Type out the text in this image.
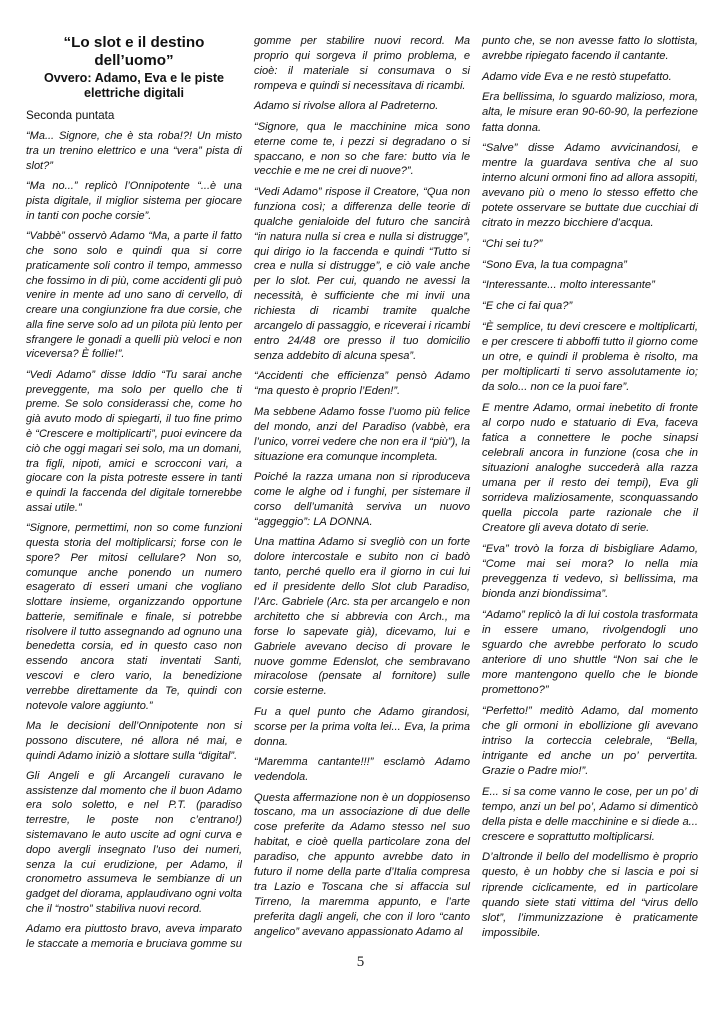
“Lo slot e il destino dell’uomo”
Ovvero: Adamo, Eva e le piste elettriche digitali
Seconda puntata

“Ma... Signore, che è sta roba!?! Un misto tra un trenino elettrico e una “vera” pista di slot?”

“Ma no...” replicò l’Onnipotente “...è una pista digitale, il miglior sistema per giocare in tanti con poche corsie”.

“Vabbè” osservò Adamo “Ma, a parte il fatto che sono solo e quindi qua si corre praticamente soli contro il tempo, ammesso che fossimo in di più, come accidenti gli può venire in mente ad uno sano di cervello, di creare una congiunzione fra due corsie, che alla fine serve solo ad un pilota più lento per sfrangere le gonadi a quelli più veloci e non viceversa? È follie!”.

“Vedi Adamo” disse Iddio “Tu sarai anche preveggente, ma solo per quello che ti preme. Se solo considerassi che, come ho già avuto modo di spiegarti, il tuo fine primo è “Crescere e moltiplicarti”, puoi evincere da ciò che oggi magari sei solo, ma un domani, tra figli, nipoti, amici e scrocconi vari, a giocare con la pista potreste essere in tanti e quindi la faccenda del digitale tornerebbe assai utile.”

“Signore, permettimi, non so come funzioni questa storia del moltiplicarsi; forse con le spore? Per mitosi cellulare? Non so, comunque anche ponendo un numero esagerato di esseri umani che vogliano slottare insieme, organizzando opportune batterie, semifinale e finale, si potrebbe risolvere il tutto assegnando ad ognuno una benedetta corsia, ed in questo caso non essendo ancora stati inventati Santi, vescovi e clero vario, la benedizione verrebbe direttamente da Te, quindi con notevole valore aggiunto.”

Ma le decisioni dell’Onnipotente non si possono discutere, né allora né mai, e quindi Adamo iniziò a slottare sulla “digital”.

Gli Angeli e gli Arcangeli curavano le assistenze dal momento che il buon Adamo era solo soletto, e nel P.T. (paradiso terrestre, le poste non c’entrano!) sistemavano le auto uscite ad ogni curva e dopo avergli insegnato l’uso dei numeri, senza la cui erudizione, per Adamo, il cronometro assumeva le sembianze di un gadget del diorama, applaudivano ogni volta che il “nostro” stabiliva nuovi record.

Adamo era piuttosto bravo, aveva imparato le staccate a memoria e bruciava gomme su

gomme per stabilire nuovi record. Ma proprio qui sorgeva il primo problema, e cioè: il materiale si consumava o si rompeva e quindi si necessitava di ricambi.

Adamo si rivolse allora al Padreterno.

“Signore, qua le macchinine mica sono eterne come te, i pezzi si degradano o si spaccano, e non so che fare: butto via le vecchie e me ne crei di nuove?”.

“Vedi Adamo” rispose il Creatore, “Qua non funziona così; a differenza delle teorie di qualche genialoide del futuro che sancirà “in natura nulla si crea e nulla si distrugge”, qui dirigo io la faccenda e quindi “Tutto si crea e nulla si distrugge”, e ciò vale anche per lo slot. Per cui, quando ne avessi la necessità, è sufficiente che mi invii una richiesta di ricambi tramite qualche arcangelo di passaggio, e riceverai i ricambi entro 24/48 ore presso il tuo domicilio senza addebito di alcuna spesa”.

“Accidenti che efficienza” pensò Adamo “ma questo è proprio l’Eden!”.

Ma sebbene Adamo fosse l’uomo più felice del mondo, anzi del Paradiso (vabbè, era l’unico, vorrei vedere che non era il “più”), la situazione era comunque incompleta.

Poiché la razza umana non si riproduceva come le alghe od i funghi, per sistemare il corso dell’umanità serviva un nuovo “aggeggio”: LA DONNA.

Una mattina Adamo si svegliò con un forte dolore intercostale e subito non ci badò tanto, perché quello era il giorno in cui lui ed il presidente dello Slot club Paradiso, l’Arc. Gabriele (Arc. sta per arcangelo e non architetto che si abbrevia con Arch., ma forse lo sapevate già), dicevamo, lui e Gabriele avevano deciso di provare le nuove gomme Edenslot, che sembravano miracolose (pensate al fornitore) sulle corsie esterne.

Fu a quel punto che Adamo girandosi, scorse per la prima volta lei... Eva, la prima donna.

“Maremma cantante!!!” esclamò Adamo vedendola.

Questa affermazione non è un doppiosenso toscano, ma un associazione di due delle cose preferite da Adamo stesso nel suo habitat, e cioè quella particolare zona del paradiso, che appunto avrebbe dato in futuro il nome della parte d’Italia compresa tra Lazio e Toscana che si affaccia sul Tirreno, la maremma appunto, e l’arte preferita dagli angeli, che con il loro “canto angelico” avevano appassionato Adamo al

punto che, se non avesse fatto lo slottista, avrebbe ripiegato facendo il cantante.

Adamo vide Eva e ne restò stupefatto.

Era bellissima, lo sguardo malizioso, mora, alta, le misure eran 90-60-90, la perfezione fatta donna.

“Salve” disse Adamo avvicinandosi, e mentre la guardava sentiva che al suo interno alcuni ormoni fino ad allora assopiti, avevano più o meno lo stesso effetto che potete osservare se buttate due cucchiai di citrato in mezzo bicchiere d’acqua.

“Chi sei tu?”

“Sono Eva, la tua compagna”

“Interessante... molto interessante”

“E che ci fai qua?”

“È semplice, tu devi crescere e moltiplicarti, e per crescere ti abboffi tutto il giorno come un otre, e quindi il problema è risolto, ma per moltiplicarti ti servo assolutamente io; da solo... non ce la puoi fare”.

E mentre Adamo, ormai inebetito di fronte al corpo nudo e statuario di Eva, faceva fatica a connettere le poche sinapsi celebrali ancora in funzione (cosa che in situazioni analoghe succederà alla razza umana per il resto dei tempi), Eva gli sorrideva maliziosamente, sconquassando quella piccola parte razionale che il Creatore gli aveva dotato di serie.

“Eva” trovò la forza di bisbigliare Adamo, “Come mai sei mora? Io nella mia preveggenza ti vedevo, sì bellissima, ma bionda anzi biondissima”.

“Adamo” replicò la di lui costola trasformata in essere umano, rivolgendogli uno sguardo che avrebbe perforato lo scudo anteriore di uno shuttle “Non sai che le more mantengono quello che le bionde promettono?”

“Perfetto!” meditò Adamo, dal momento che gli ormoni in ebollizione gli avevano intriso la corteccia celebrale, “Bella, intrigante ed anche un po’ pervertita. Grazie o Padre mio!”.

E... si sa come vanno le cose, per un po’ di tempo, anzi un bel po’, Adamo si dimenticò della pista e delle macchinine e si diede a... crescere e soprattutto moltiplicarsi.

D’altronde il bello del modellismo è proprio questo, è un hobby che si lascia e poi si riprende ciclicamente, ed in particolare quando siete stati vittima del “virus dello slot”, l’immunizzazione è praticamente impossibile.

5
